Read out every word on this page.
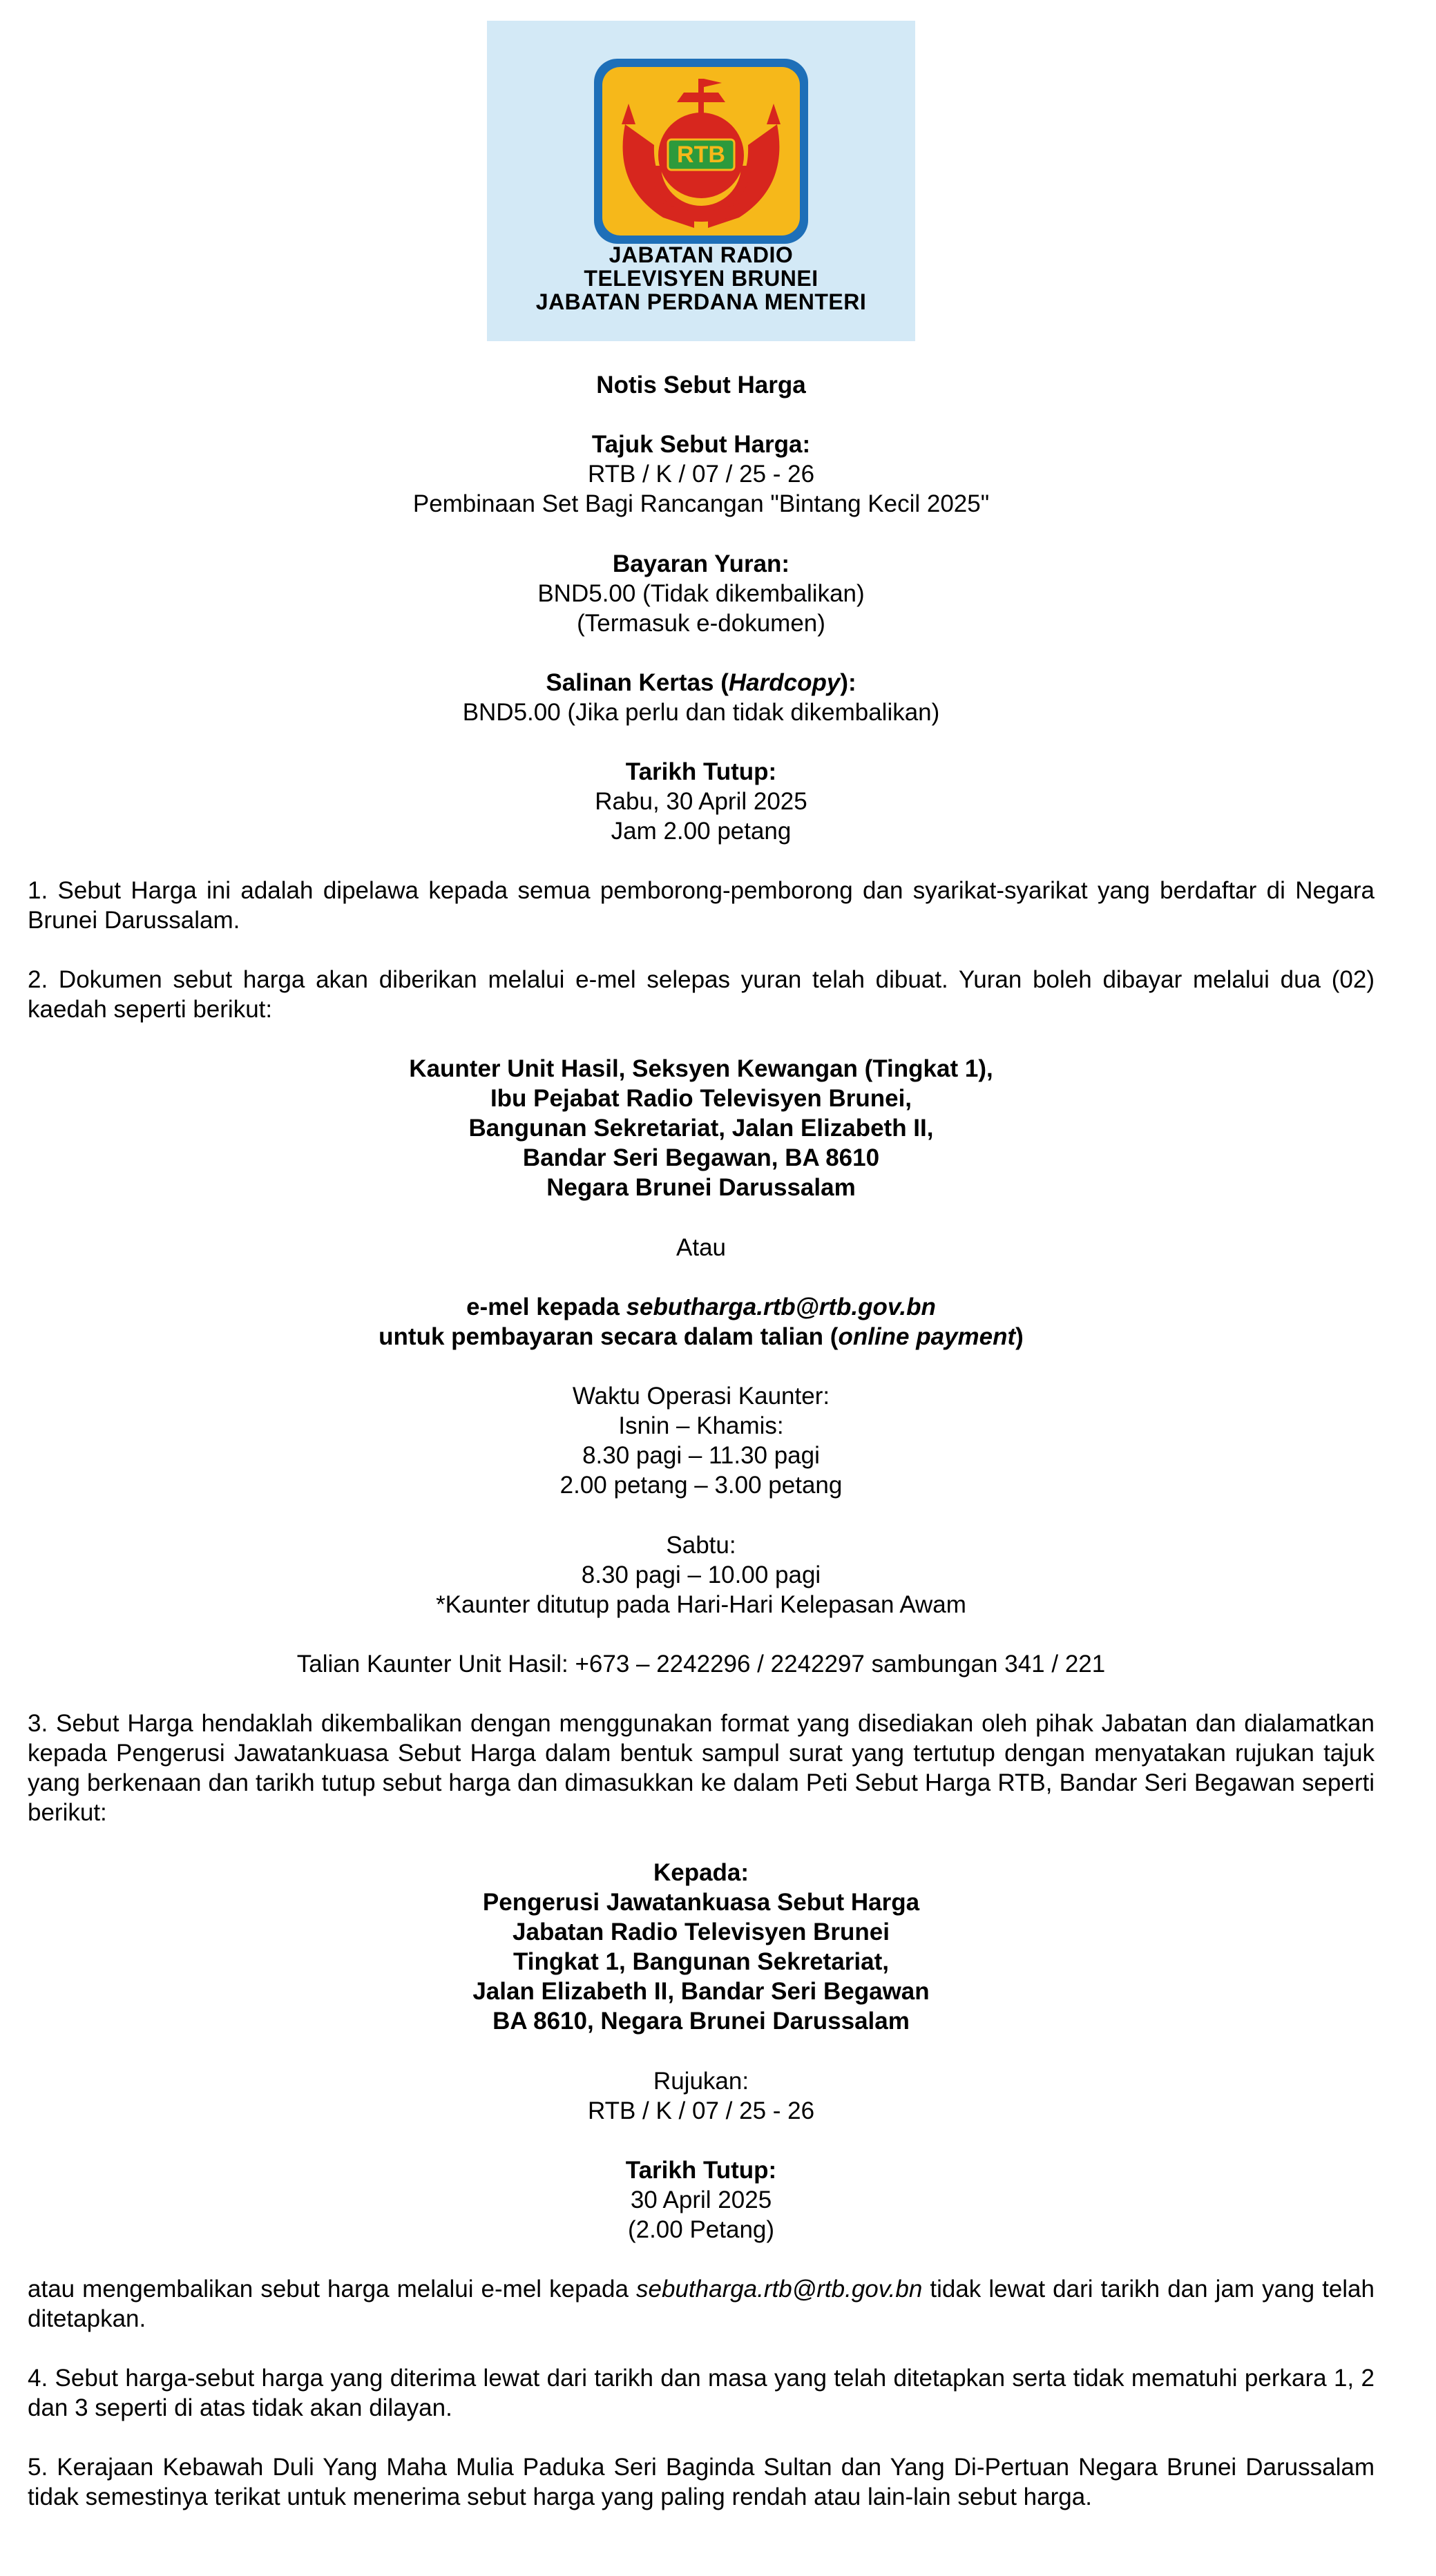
RTB
JABATAN RADIO
TELEVISYEN BRUNEI
JABATAN PERDANA MENTERI
Notis Sebut Harga
Tajuk Sebut Harga:
RTB / K / 07 / 25 - 26
Pembinaan Set Bagi Rancangan "Bintang Kecil 2025"
Bayaran Yuran:
BND5.00 (Tidak dikembalikan)
(Termasuk e-dokumen)
Salinan Kertas (Hardcopy):
BND5.00 (Jika perlu dan tidak dikembalikan)
Tarikh Tutup:
Rabu, 30 April 2025
Jam 2.00 petang
1. Sebut Harga ini adalah dipelawa kepada semua pemborong-pemborong dan syarikat-syarikat yang berdaftar di Negara Brunei Darussalam.
2. Dokumen sebut harga akan diberikan melalui e-mel selepas yuran telah dibuat. Yuran boleh dibayar melalui dua (02) kaedah seperti berikut:
Kaunter Unit Hasil, Seksyen Kewangan (Tingkat 1),
Ibu Pejabat Radio Televisyen Brunei,
Bangunan Sekretariat, Jalan Elizabeth II,
Bandar Seri Begawan, BA 8610
Negara Brunei Darussalam
Atau
e-mel kepada sebutharga.rtb@rtb.gov.bn
untuk pembayaran secara dalam talian (online payment)
Waktu Operasi Kaunter:
Isnin – Khamis:
8.30 pagi – 11.30 pagi
2.00 petang – 3.00 petang
Sabtu:
8.30 pagi – 10.00 pagi
*Kaunter ditutup pada Hari-Hari Kelepasan Awam
Talian Kaunter Unit Hasil: +673 – 2242296 / 2242297 sambungan 341 / 221
3. Sebut Harga hendaklah dikembalikan dengan menggunakan format yang disediakan oleh pihak Jabatan dan dialamatkan kepada Pengerusi Jawatankuasa Sebut Harga dalam bentuk sampul surat yang tertutup dengan menyatakan rujukan tajuk yang berkenaan dan tarikh tutup sebut harga dan dimasukkan ke dalam Peti Sebut Harga RTB, Bandar Seri Begawan seperti berikut:
Kepada:
Pengerusi Jawatankuasa Sebut Harga
Jabatan Radio Televisyen Brunei
Tingkat 1, Bangunan Sekretariat,
Jalan Elizabeth II, Bandar Seri Begawan
BA 8610, Negara Brunei Darussalam
Rujukan:
RTB / K / 07 / 25 - 26
Tarikh Tutup:
30 April 2025
(2.00 Petang)
atau mengembalikan sebut harga melalui e-mel kepada sebutharga.rtb@rtb.gov.bn tidak lewat dari tarikh dan jam yang telah ditetapkan.
4. Sebut harga-sebut harga yang diterima lewat dari tarikh dan masa yang telah ditetapkan serta tidak mematuhi perkara 1, 2 dan 3 seperti di atas tidak akan dilayan.
5. Kerajaan Kebawah Duli Yang Maha Mulia Paduka Seri Baginda Sultan dan Yang Di-Pertuan Negara Brunei Darussalam tidak semestinya terikat untuk menerima sebut harga yang paling rendah atau lain-lain sebut harga.
